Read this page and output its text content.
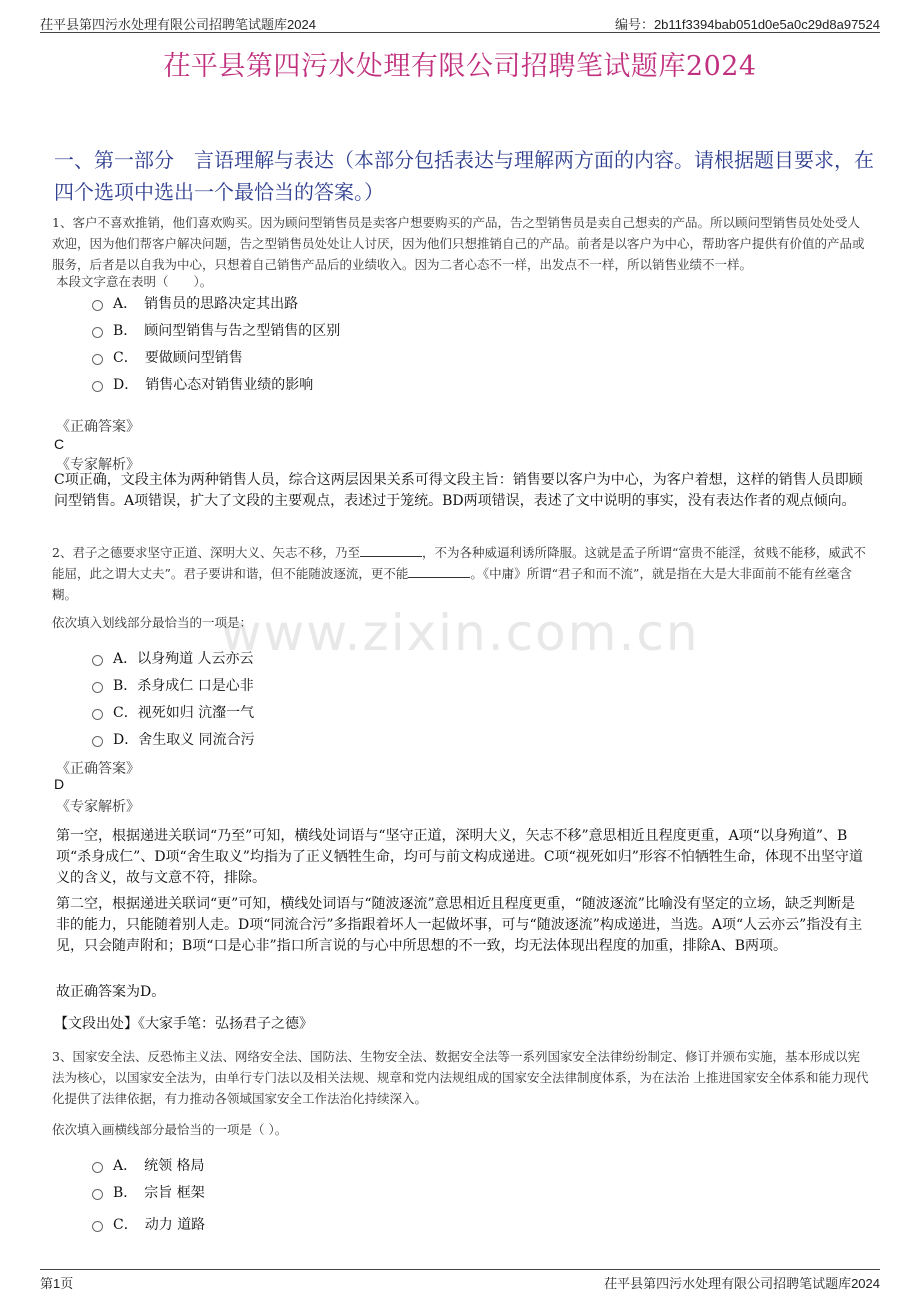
茌平县第四污水处理有限公司招聘笔试题库2024	编号：2b11f3394bab051d0e5a0c29d8a97524
www.zixin.com.cn
茌平县第四污水处理有限公司招聘笔试题库2024
一、第一部分　言语理解与表达（本部分包括表达与理解两方面的内容。请根据题目要求，在四个选项中选出一个最恰当的答案。）
1、客户不喜欢推销，他们喜欢购买。因为顾问型销售员是卖客户想要购买的产品，告之型销售员是卖自己想卖的产品。所以顾问型销售员处处受人欢迎，因为他们帮客户解决问题，告之型销售员处处让人讨厌，因为他们只想推销自己的产品。前者是以客户为中心，帮助客户提供有价值的产品或服务，后者是以自我为中心，只想着自己销售产品后的业绩收入。因为二者心态不一样，出发点不一样，所以销售业绩不一样。
本段文字意在表明（　　）。
A．　销售员的思路决定其出路
B．　顾问型销售与告之型销售的区别
C．　要做顾问型销售
D．　销售心态对销售业绩的影响
《正确答案》
C
《专家解析》
C项正确，文段主体为两种销售人员，综合这两层因果关系可得文段主旨：销售要以客户为中心，为客户着想，这样的销售人员即顾问型销售。A项错误，扩大了文段的主要观点，表述过于笼统。BD两项错误，表述了文中说明的事实，没有表达作者的观点倾向。
2、君子之德要求坚守正道、深明大义、矢志不移，乃至	，不为各种威逼利诱所降服。这就是孟子所谓“富贵不能淫，贫贱不能移，威武不能屈，此之谓大丈夫”。君子要讲和谐，但不能随波逐流，更不能	。《中庸》所谓“君子和而不流”，就是指在大是大非面前不能有丝毫含糊。
依次填入划线部分最恰当的一项是：
A．以身殉道 人云亦云
B．杀身成仁 口是心非
C．视死如归 沆瀣一气
D．舍生取义 同流合污
《正确答案》
D
《专家解析》
第一空，根据递进关联词“乃至”可知，横线处词语与“坚守正道，深明大义，矢志不移”意思相近且程度更重，A项“以身殉道”、B项“杀身成仁”、D项“舍生取义”均指为了正义牺牲生命，均可与前文构成递进。C项“视死如归”形容不怕牺牲生命，体现不出坚守道义的含义，故与文意不符，排除。
第二空，根据递进关联词“更”可知，横线处词语与“随波逐流”意思相近且程度更重，“随波逐流”比喻没有坚定的立场，缺乏判断是非的能力，只能随着别人走。D项“同流合污”多指跟着坏人一起做坏事，可与“随波逐流”构成递进，当选。A项“人云亦云”指没有主见，只会随声附和；B项“口是心非”指口所言说的与心中所思想的不一致，均无法体现出程度的加重，排除A、B两项。
故正确答案为D。
【文段出处】《大家手笔：弘扬君子之德》
3、国家安全法、反恐怖主义法、网络安全法、国防法、生物安全法、数据安全法等一系列国家安全法律纷纷制定、修订并颁布实施，基本形成以宪法为核心，以国家安全法为，由单行专门法以及相关法规、规章和党内法规组成的国家安全法律制度体系，为在法治 上推进国家安全体系和能力现代化提供了法律依据，有力推动各领域国家安全工作法治化持续深入。
依次填入画横线部分最恰当的一项是（ ）。
A．　统领 格局
B．　宗旨 框架
C．　动力 道路
第1页	茌平县第四污水处理有限公司招聘笔试题库2024
